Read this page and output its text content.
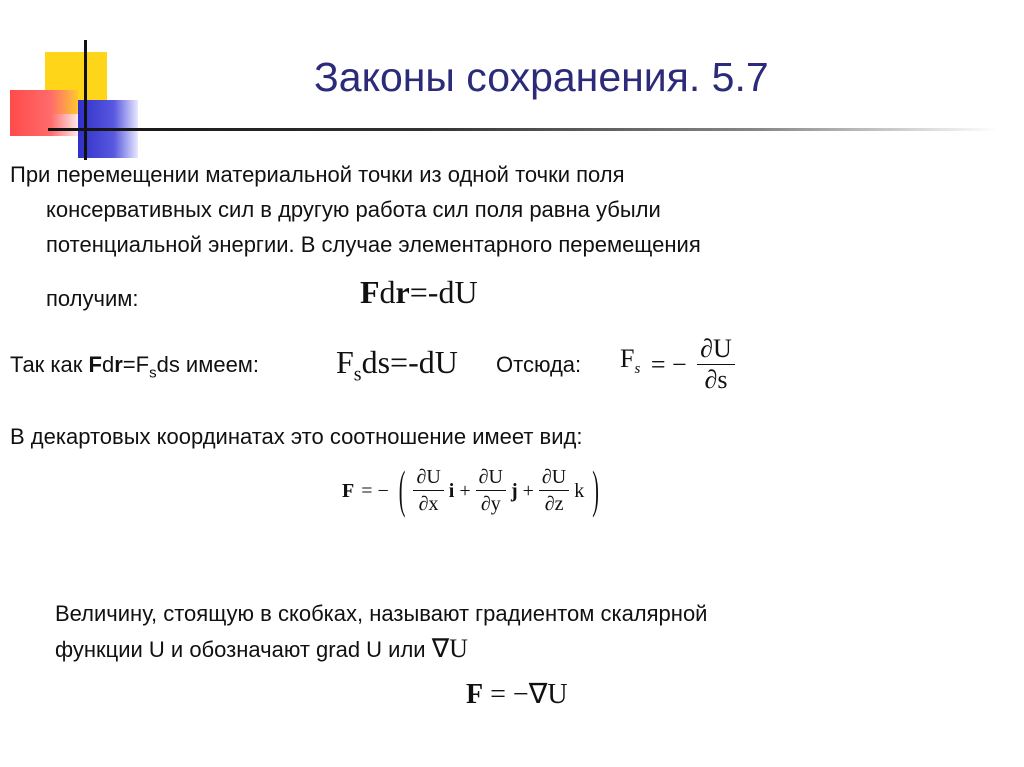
Законы сохранения. 5.7
При перемещении материальной точки из одной точки поля
консервативных сил в другую работа сил поля равна убыли
потенциальной энергии. В случае элементарного перемещения
получим:	Fdr=-dU
Так как $Fdr=F_sds$ имеем: $F_sds=-dU$ Отсюда: $F_s$ = − $\frac{\partial U}{\partial s}$
В декартовых координатах это соотношение имеет вид:
F = − ( $\frac{\partial U}{\partial x}$ $i + \frac{\partial U}{\partial y}$ $j + \frac{\partial U}{\partial z}$ k )
Величину, стоящую в скобках, называют градиентом скалярной
функции U и обозначают grad U или ∇U
F = −∇U
